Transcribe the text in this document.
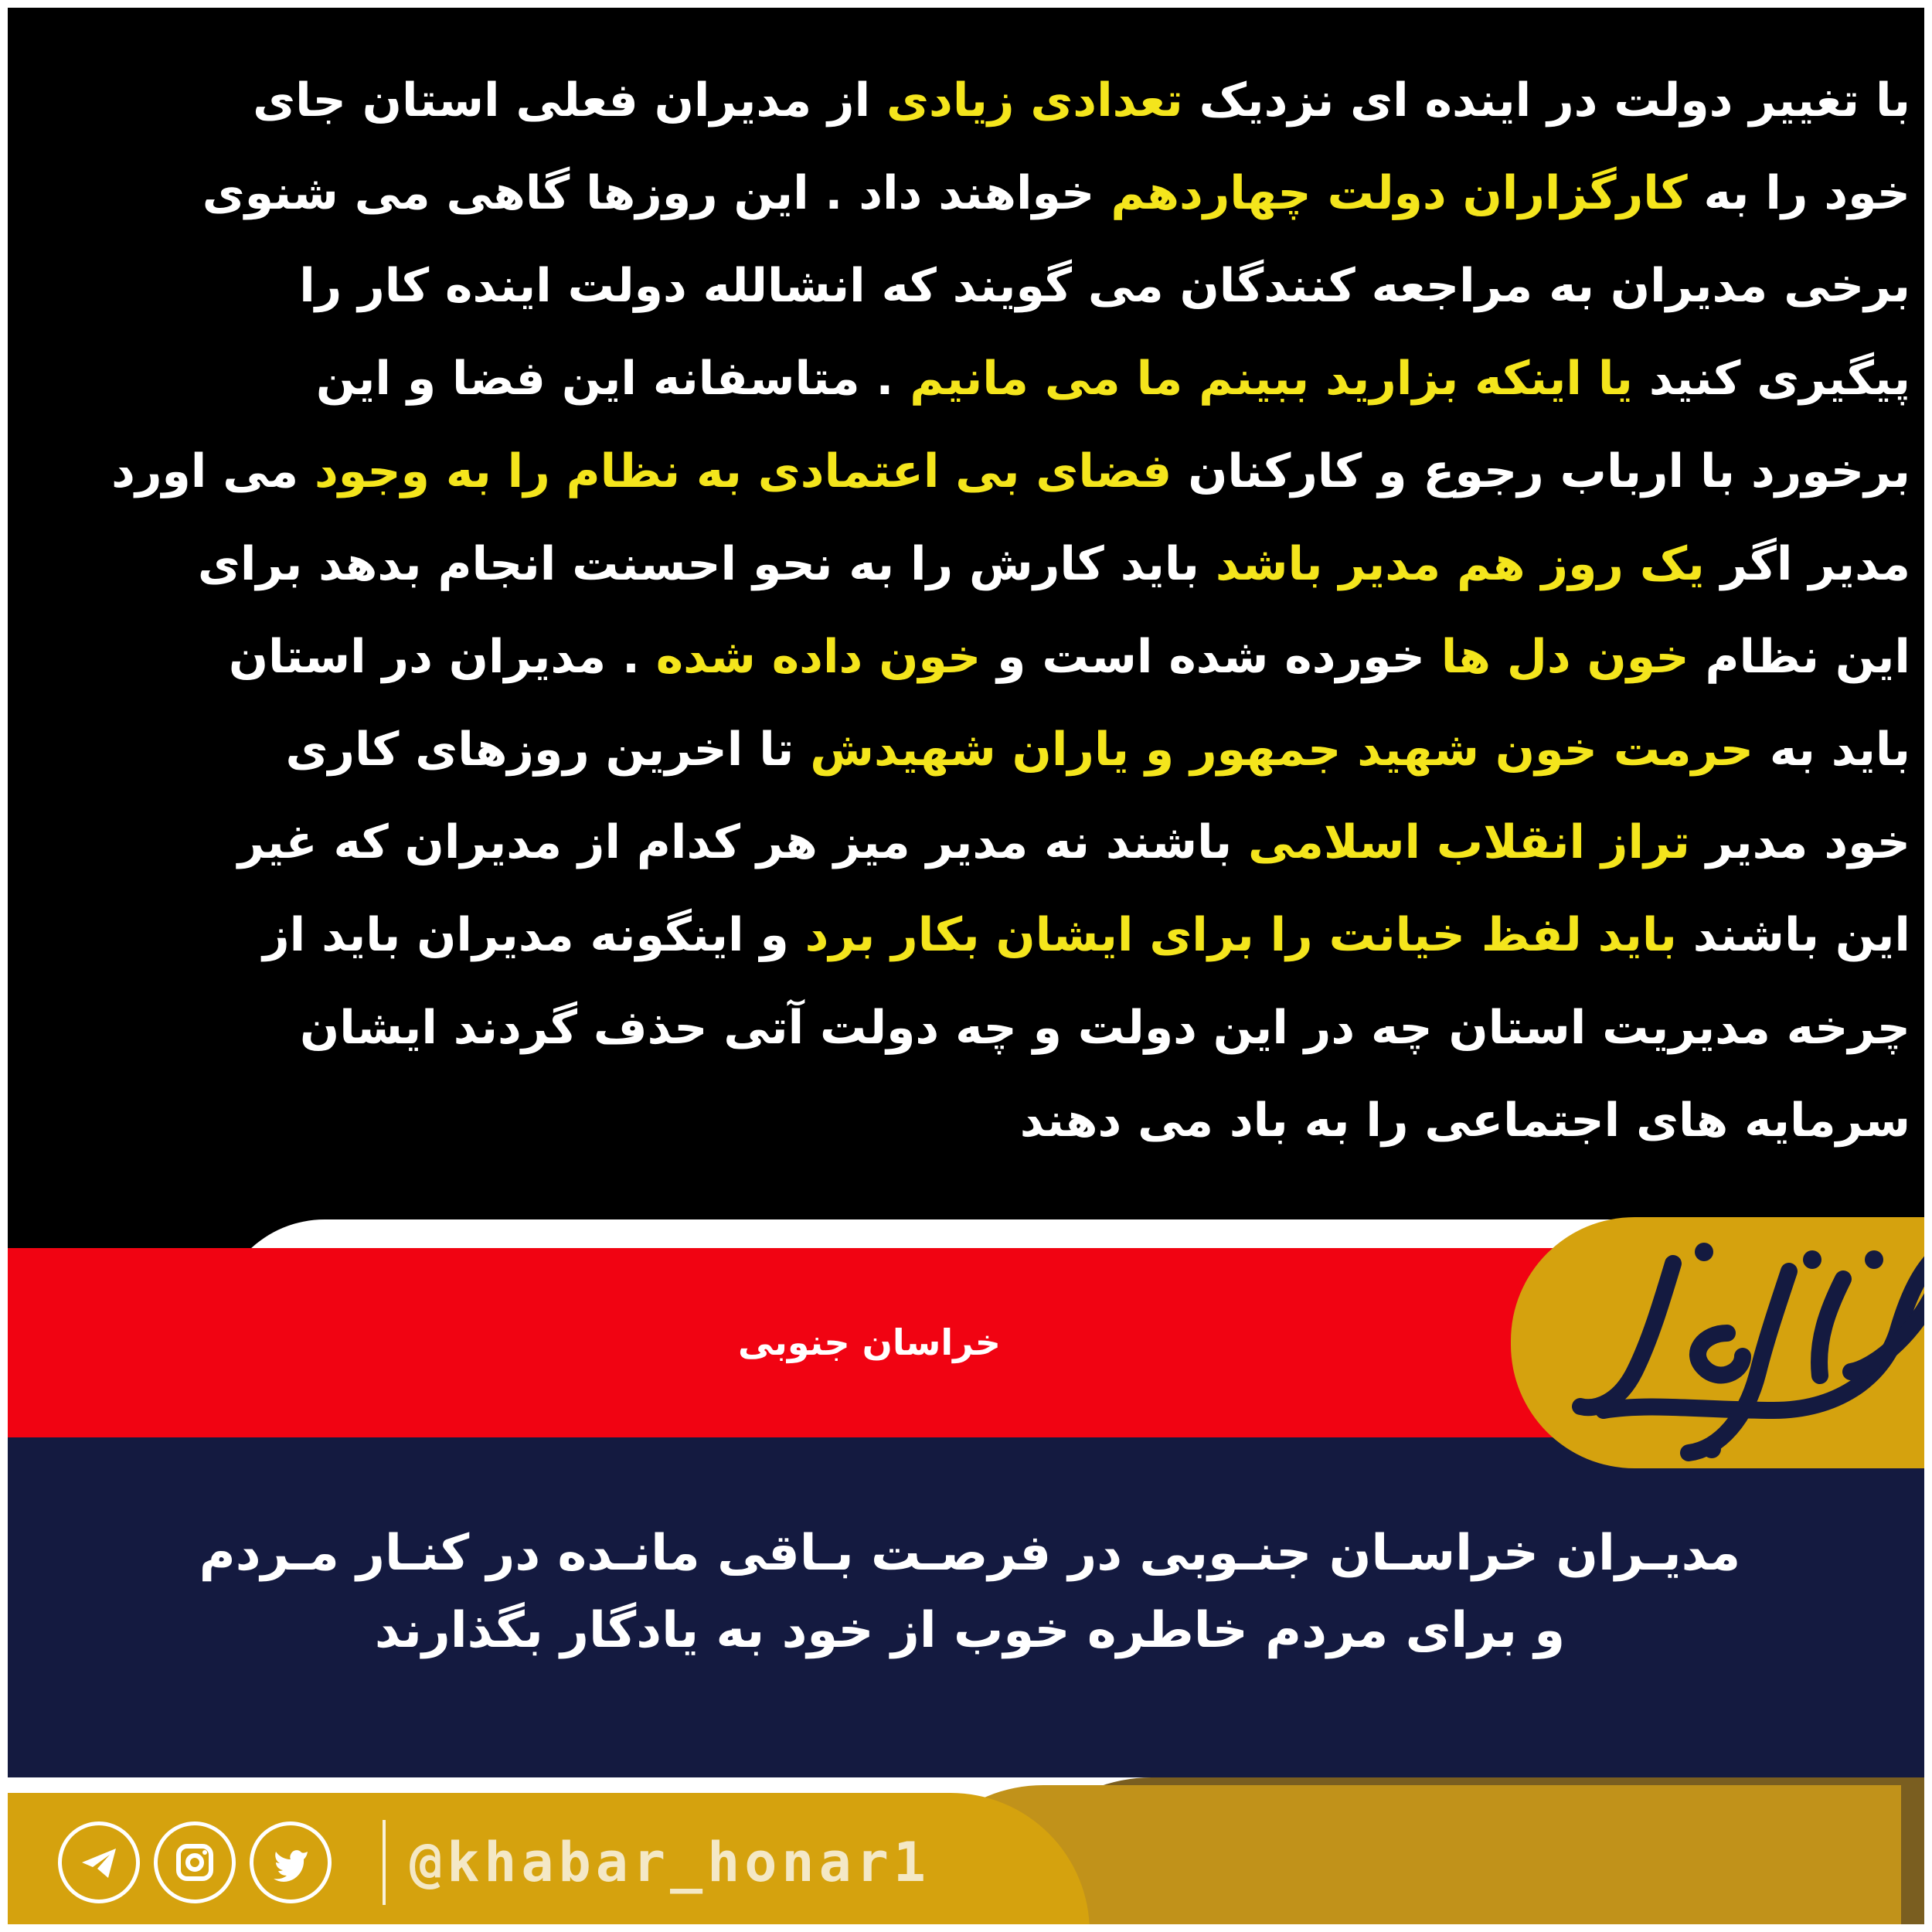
با تغییر دولت در اینده ای نزدیک تعدادی زیادی از مدیران فعلی استان جای
خود را به کارگزاران دولت چهاردهم خواهند داد . این روزها گاهی می شنوی
برخی مدیران به مراجعه کنندگان می گویند که انشالله دولت اینده کار را
پیگیری کنید یا اینکه بزارید ببینم ما می مانیم . متاسفانه این فضا و این
برخورد با ارباب رجوع و کارکنان فضای بی اعتمادی به نظام را به وجود می اورد
مدیر اگر یک روز هم مدیر باشد باید کارش را به نحو احسنت انجام بدهد برای
این نظام خون دل ها خورده شده است و خون داده شده . مدیران در استان
باید به حرمت خون شهید جمهور و یاران شهیدش تا اخرین روزهای کاری
خود مدیر تراز انقلاب اسلامی باشند نه مدیر میز هر کدام از مدیران که غیر
این باشند باید لفظ خیانت را برای ایشان بکار برد و اینگونه مدیران باید از
چرخه مدیریت استان چه در این دولت و چه دولت آتی حذف گردند ایشان
سرمایه های اجتماعی را به باد می دهند
خراسان جنوبی
مدیـران خراسـان جنـوبی در فرصـت بـاقی مانـده در کنـار مـردم
و برای مردم خاطره خوب از خود به یادگار بگذارند
@khabar_honar1
